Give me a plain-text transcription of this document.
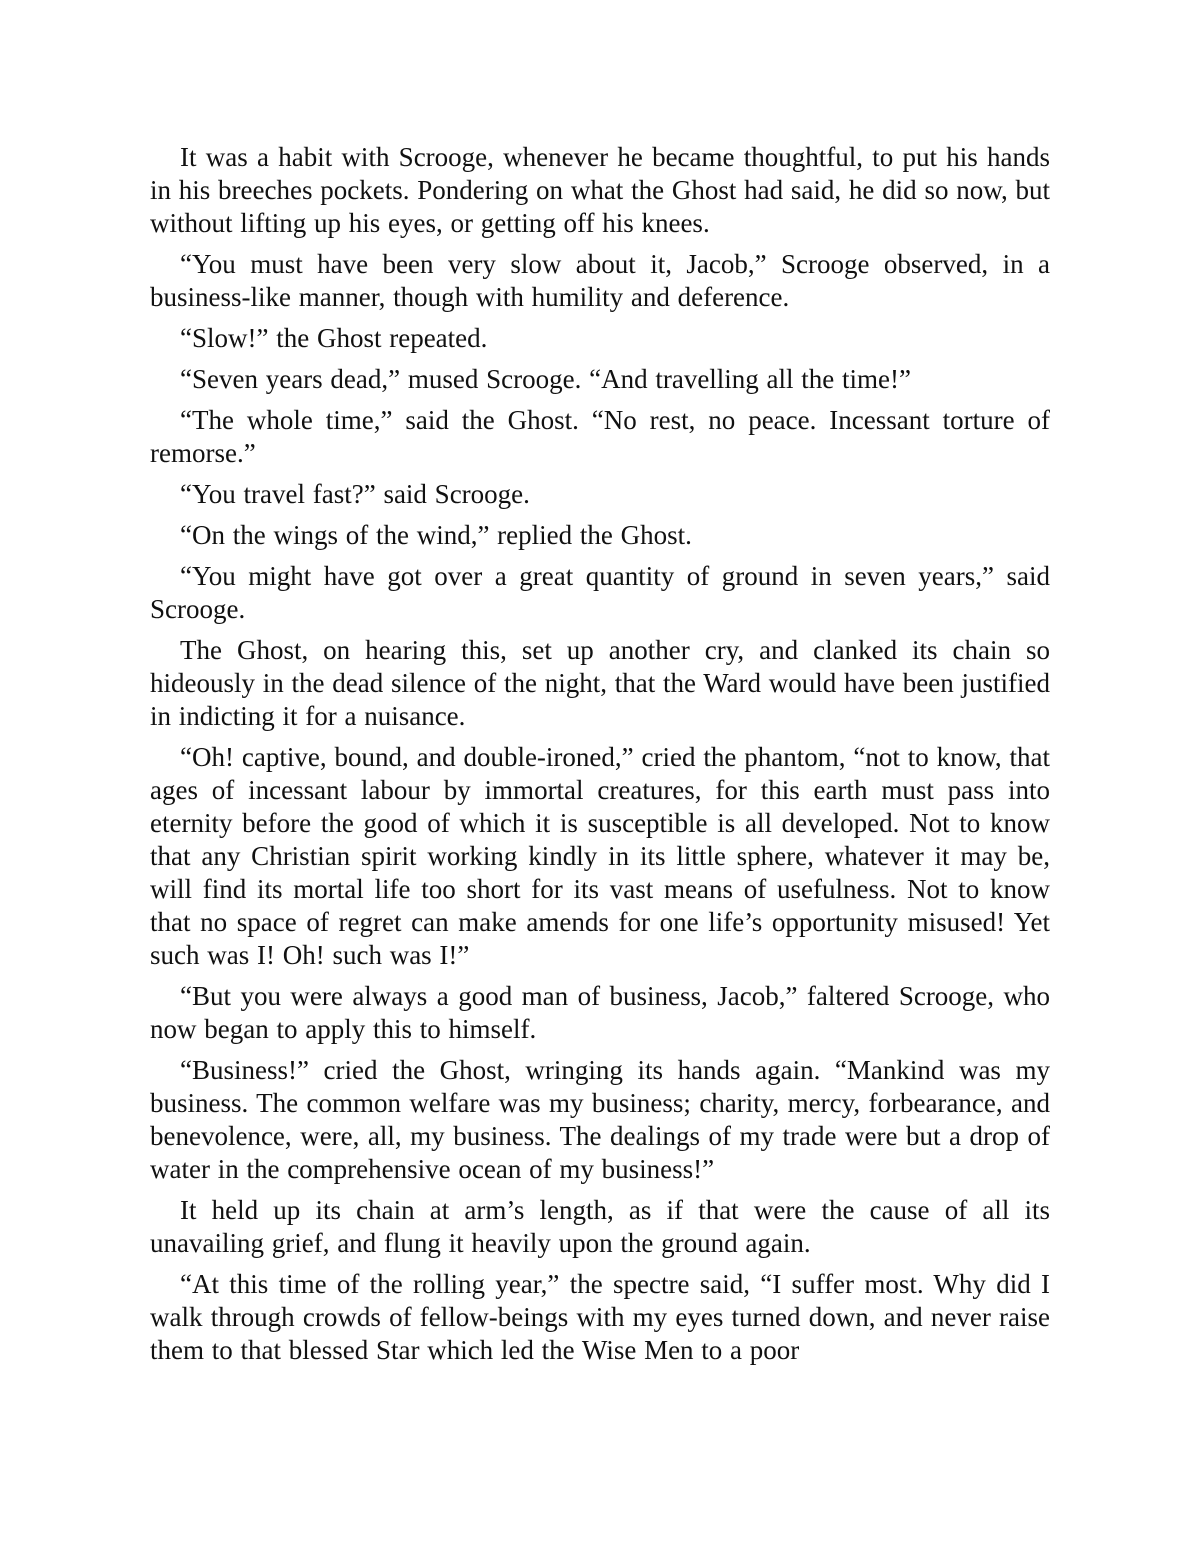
It was a habit with Scrooge, whenever he became thoughtful, to put his hands in his breeches pockets. Pondering on what the Ghost had said, he did so now, but without lifting up his eyes, or getting off his knees.

“You must have been very slow about it, Jacob,” Scrooge observed, in a business-like manner, though with humility and deference.

“Slow!” the Ghost repeated.

“Seven years dead,” mused Scrooge. “And travelling all the time!”

“The whole time,” said the Ghost. “No rest, no peace. Incessant torture of remorse.”

“You travel fast?” said Scrooge.

“On the wings of the wind,” replied the Ghost.

“You might have got over a great quantity of ground in seven years,” said Scrooge.

The Ghost, on hearing this, set up another cry, and clanked its chain so hideously in the dead silence of the night, that the Ward would have been justified in indicting it for a nuisance.

“Oh! captive, bound, and double-ironed,” cried the phantom, “not to know, that ages of incessant labour by immortal creatures, for this earth must pass into eternity before the good of which it is susceptible is all developed. Not to know that any Christian spirit working kindly in its little sphere, whatever it may be, will find its mortal life too short for its vast means of usefulness. Not to know that no space of regret can make amends for one life’s opportunity misused! Yet such was I! Oh! such was I!”

“But you were always a good man of business, Jacob,” faltered Scrooge, who now began to apply this to himself.

“Business!” cried the Ghost, wringing its hands again. “Mankind was my business. The common welfare was my business; charity, mercy, forbearance, and benevolence, were, all, my business. The dealings of my trade were but a drop of water in the comprehensive ocean of my business!”

It held up its chain at arm’s length, as if that were the cause of all its unavailing grief, and flung it heavily upon the ground again.

“At this time of the rolling year,” the spectre said, “I suffer most. Why did I walk through crowds of fellow-beings with my eyes turned down, and never raise them to that blessed Star which led the Wise Men to a poor
